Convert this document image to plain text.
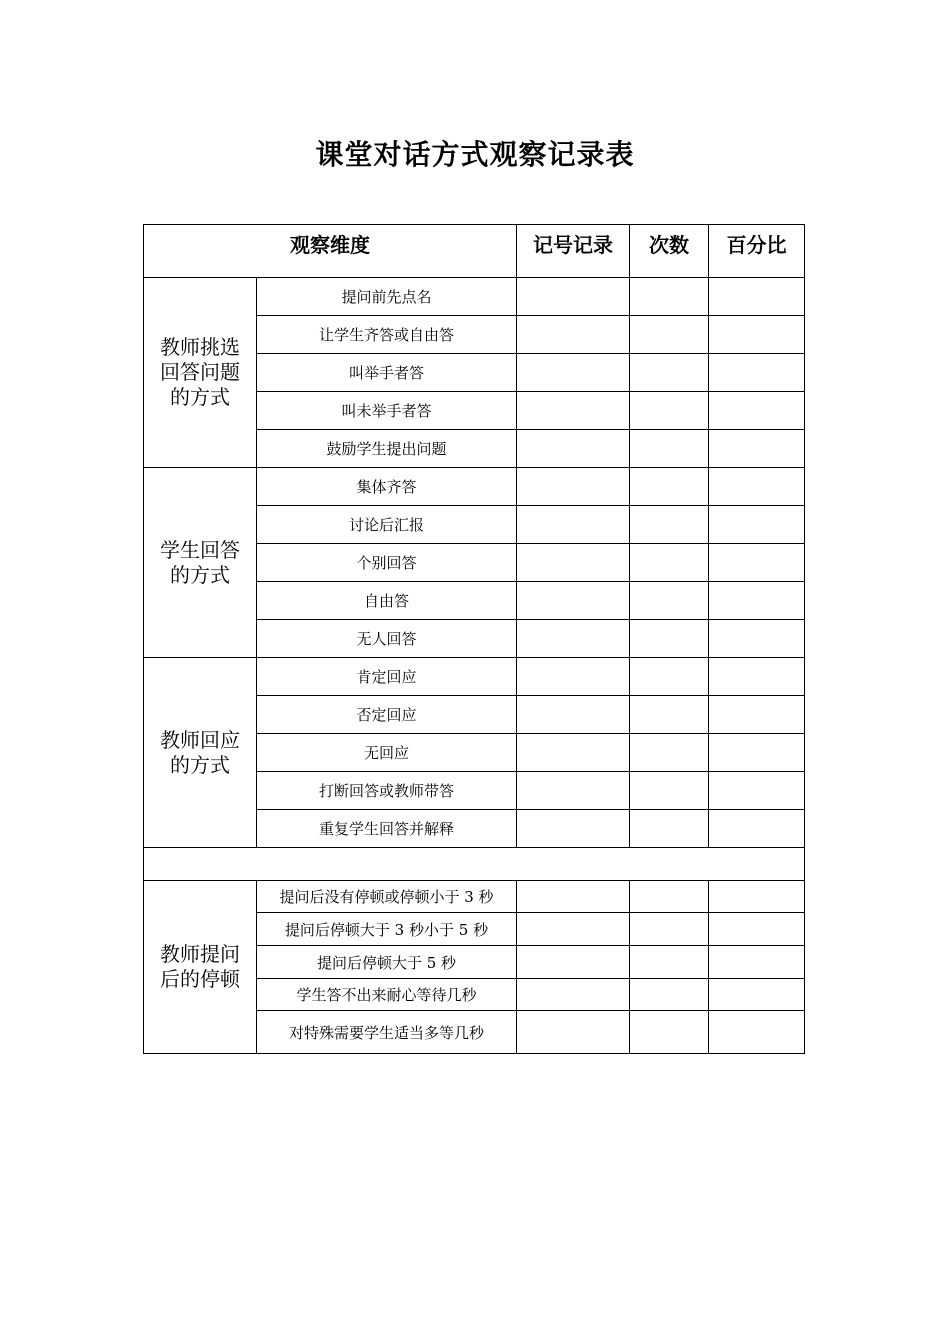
课堂对话方式观察记录表
观察维度		记号记录	次数	百分比

教师挑选回答问题的方式	提问前先点名			
	让学生齐答或自由答			
	叫举手者答			
	叫未举手者答			
	鼓励学生提出问题			

学生回答的方式	集体齐答			
	讨论后汇报			
	个别回答			
	自由答			
	无人回答			

教师回应的方式	肯定回应			
	否定回应			
	无回应			
	打断回答或教师带答			
	重复学生回答并解释			

教师提问后的停顿	提问后没有停顿或停顿小于 3 秒			
	提问后停顿大于 3 秒小于 5 秒			
	提问后停顿大于 5 秒			
	学生答不出来耐心等待几秒			
	对特殊需要学生适当多等几秒			
